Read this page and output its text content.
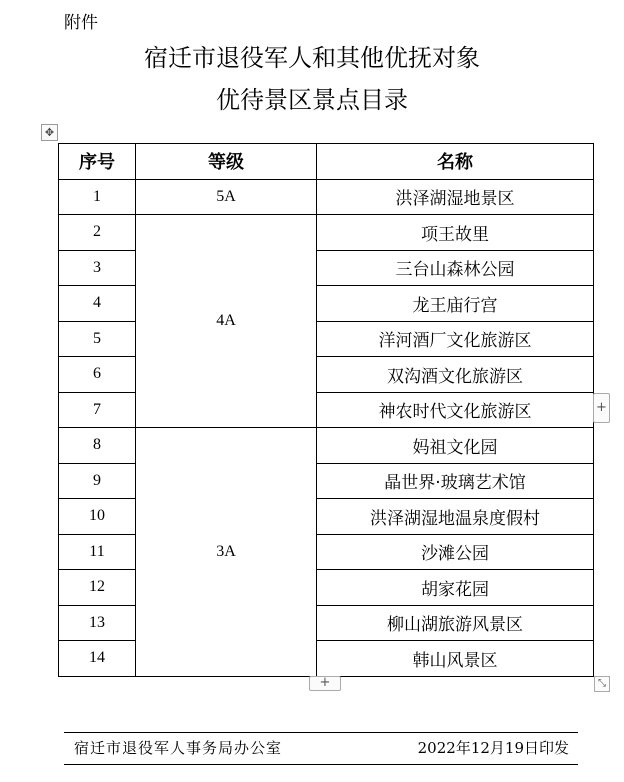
附件
宿迁市退役军人和其他优抚对象
优待景区景点目录
✥
序号	等级	名称
1	5A	洪泽湖湿地景区
2	4A	项王故里
3		三台山森林公园
4		龙王庙行宫
5		洋河酒厂文化旅游区
6		双沟酒文化旅游区
7		神农时代文化旅游区
8	3A	妈祖文化园
9		晶世界·玻璃艺术馆
10		洪泽湖湿地温泉度假村
11		沙滩公园
12		胡家花园
13		柳山湖旅游风景区
14		韩山风景区
+
+	⤡
宿迁市退役军人事务局办公室	2022年12月19日印发
